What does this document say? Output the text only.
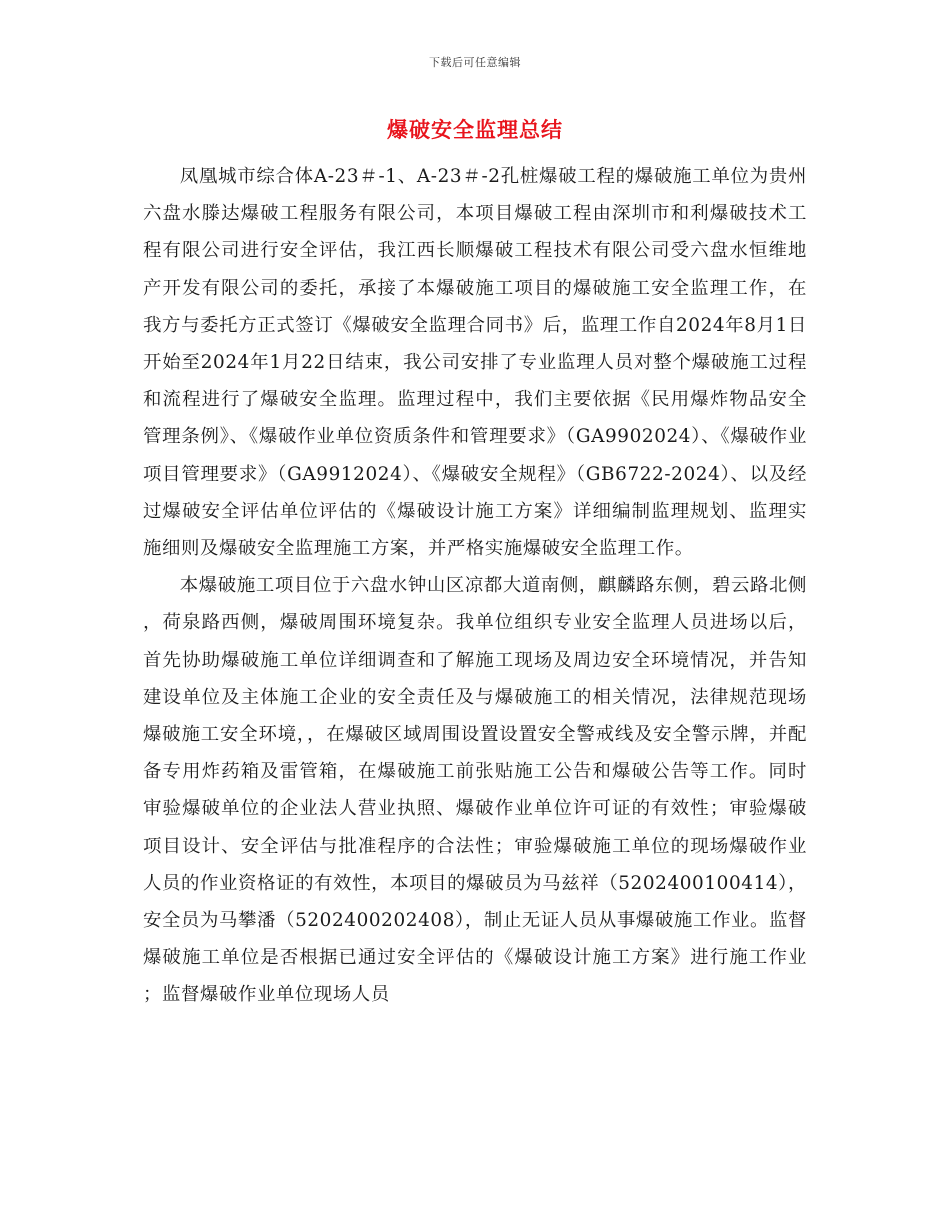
下载后可任意编辑
爆破安全监理总结

凤凰城市综合体A-23＃-1、A-23＃-2孔桩爆破工程的爆破施工单位为贵州六盘水滕达爆破工程服务有限公司，本项目爆破工程由深圳市和利爆破技术工程有限公司进行安全评估，我江西长顺爆破工程技术有限公司受六盘水恒维地产开发有限公司的委托，承接了本爆破施工项目的爆破施工安全监理工作，在我方与委托方正式签订《爆破安全监理合同书》后，监理工作自2024年8月1日开始至2024年1月22日结束，我公司安排了专业监理人员对整个爆破施工过程和流程进行了爆破安全监理。监理过程中，我们主要依据《民用爆炸物品安全管理条例》、《爆破作业单位资质条件和管理要求》（GA9902024）、《爆破作业项目管理要求》（GA9912024）、《爆破安全规程》（GB6722-2024）、以及经过爆破安全评估单位评估的《爆破设计施工方案》详细编制监理规划、监理实施细则及爆破安全监理施工方案，并严格实施爆破安全监理工作。

本爆破施工项目位于六盘水钟山区凉都大道南侧，麒麟路东侧，碧云路北侧，荷泉路西侧，爆破周围环境复杂。我单位组织专业安全监理人员进场以后，首先协助爆破施工单位详细调查和了解施工现场及周边安全环境情况，并告知建设单位及主体施工企业的安全责任及与爆破施工的相关情况，法律规范现场爆破施工安全环境，，在爆破区域周围设置设置安全警戒线及安全警示牌，并配备专用炸药箱及雷管箱，在爆破施工前张贴施工公告和爆破公告等工作。同时审验爆破单位的企业法人营业执照、爆破作业单位许可证的有效性；审验爆破项目设计、安全评估与批准程序的合法性；审验爆破施工单位的现场爆破作业人员的作业资格证的有效性，本项目的爆破员为马兹祥（5202400100414），安全员为马攀潘（5202400202408），制止无证人员从事爆破施工作业。监督爆破施工单位是否根据已通过安全评估的《爆破设计施工方案》进行施工作业；监督爆破作业单位现场人员
